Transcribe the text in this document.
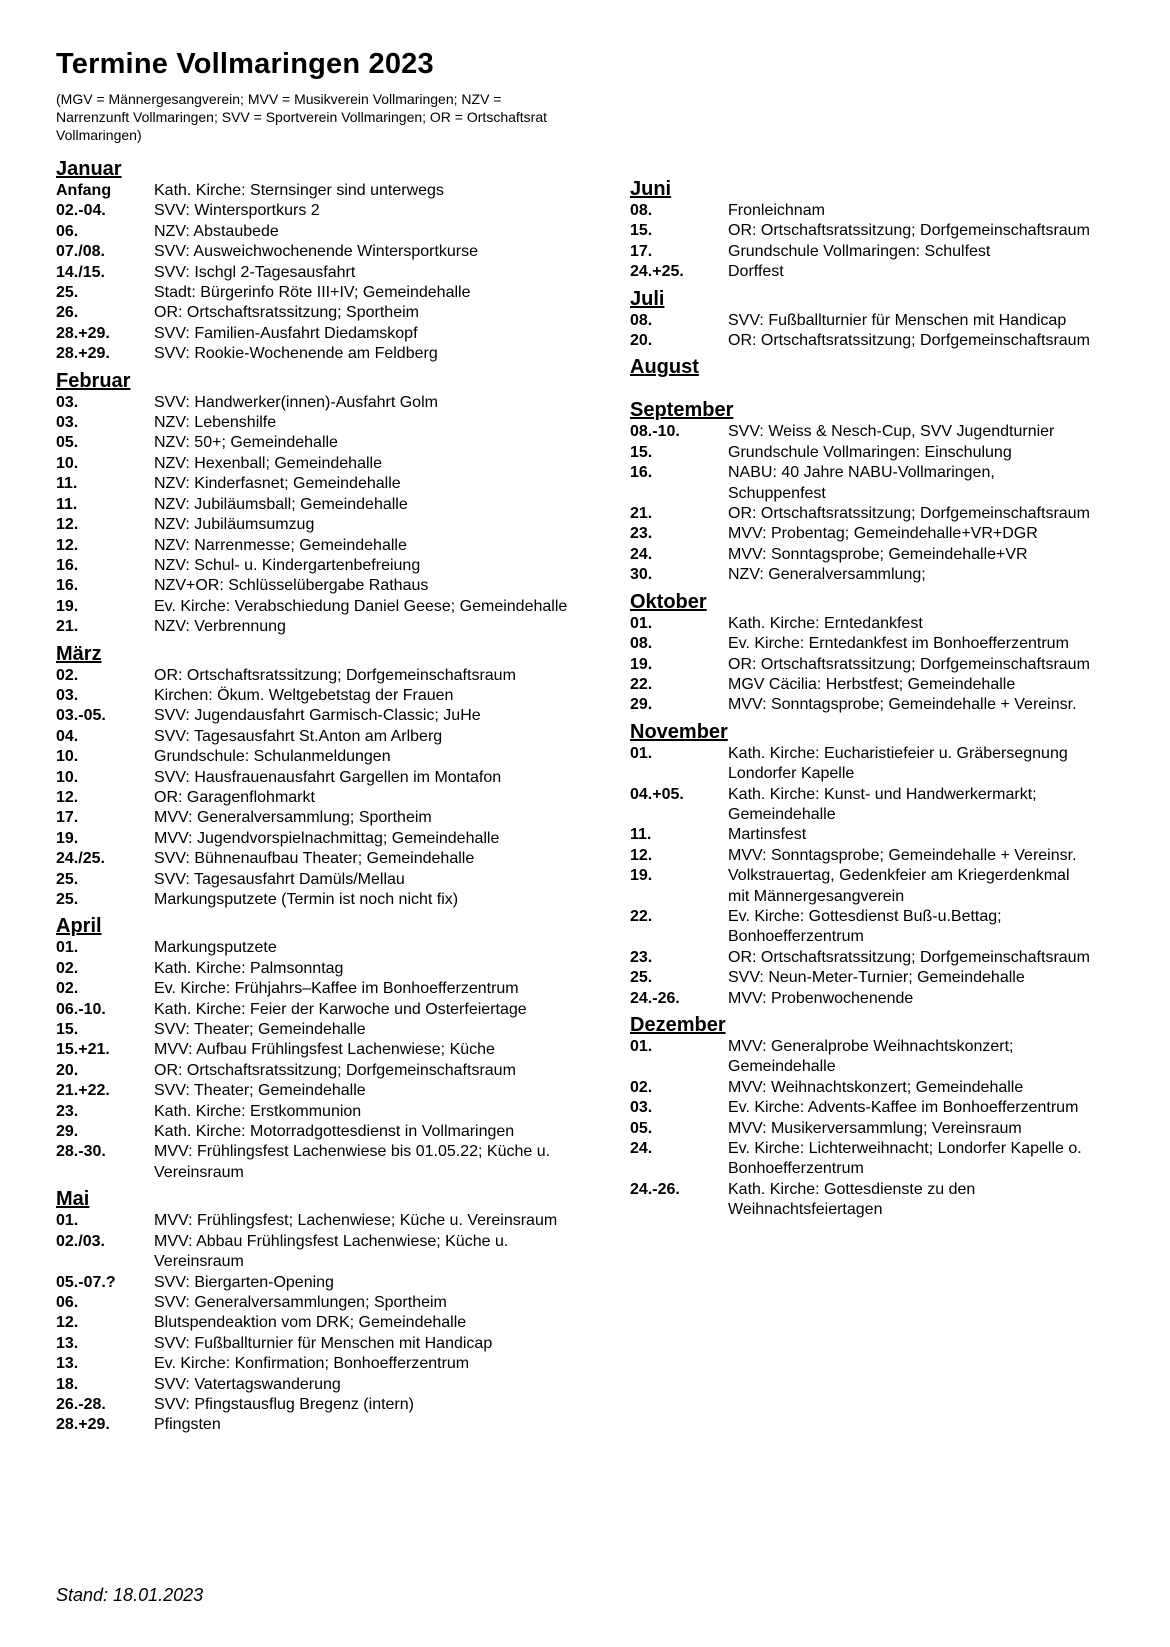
Termine Vollmaringen 2023
(MGV = Männergesangverein; MVV = Musikverein Vollmaringen; NZV = Narrenzunft Vollmaringen; SVV = Sportverein Vollmaringen; OR = Ortschaftsrat Vollmaringen)
Januar
Anfang	Kath. Kirche: Sternsinger sind unterwegs
02.-04.	SVV: Wintersportkurs 2
06.	NZV: Abstaubede
07./08.	SVV: Ausweichwochenende Wintersportkurse
14./15.	SVV: Ischgl 2-Tagesausfahrt
25.	Stadt: Bürgerinfo Röte III+IV; Gemeindehalle
26.	OR: Ortschaftsratssitzung; Sportheim
28.+29.	SVV: Familien-Ausfahrt Diedamskopf
28.+29.	SVV: Rookie-Wochenende am Feldberg
Februar
03.	SVV: Handwerker(innen)-Ausfahrt Golm
03.	NZV: Lebenshilfe
05.	NZV: 50+; Gemeindehalle
10.	NZV: Hexenball; Gemeindehalle
11.	NZV: Kinderfasnet; Gemeindehalle
11.	NZV: Jubiläumsball; Gemeindehalle
12.	NZV: Jubiläumsumzug
12.	NZV: Narrenmesse; Gemeindehalle
16.	NZV: Schul- u. Kindergartenbefreiung
16.	NZV+OR: Schlüsselübergabe Rathaus
19.	Ev. Kirche: Verabschiedung Daniel Geese; Gemeindehalle
21.	NZV: Verbrennung
März
02.	OR: Ortschaftsratssitzung; Dorfgemeinschaftsraum
03.	Kirchen: Ökum. Weltgebetstag der Frauen
03.-05.	SVV: Jugendausfahrt Garmisch-Classic; JuHe
04.	SVV: Tagesausfahrt St.Anton am Arlberg
10.	Grundschule: Schulanmeldungen
10.	SVV: Hausfrauenausfahrt Gargellen im Montafon
12.	OR: Garagenflohmarkt
17.	MVV: Generalversammlung; Sportheim
19.	MVV: Jugendvorspielnachmittag; Gemeindehalle
24./25.	SVV: Bühnenaufbau Theater; Gemeindehalle
25.	SVV: Tagesausfahrt Damüls/Mellau
25.	Markungsputzete (Termin ist noch nicht fix)
April
01.	Markungsputzete
02.	Kath. Kirche: Palmsonntag
02.	Ev. Kirche: Frühjahrs–Kaffee im Bonhoefferzentrum
06.-10.	Kath. Kirche: Feier der Karwoche und Osterfeiertage
15.	SVV: Theater; Gemeindehalle
15.+21.	MVV: Aufbau Frühlingsfest Lachenwiese; Küche
20.	OR: Ortschaftsratssitzung; Dorfgemeinschaftsraum
21.+22.	SVV: Theater; Gemeindehalle
23.	Kath. Kirche: Erstkommunion
29.	Kath. Kirche: Motorradgottesdienst in Vollmaringen
28.-30.	MVV: Frühlingsfest Lachenwiese bis 01.05.22; Küche u. Vereinsraum
Mai
01.	MVV: Frühlingsfest; Lachenwiese; Küche u. Vereinsraum
02./03.	MVV: Abbau Frühlingsfest Lachenwiese; Küche u. Vereinsraum
05.-07.?	SVV: Biergarten-Opening
06.	SVV: Generalversammlungen; Sportheim
12.	Blutspendeaktion vom DRK; Gemeindehalle
13.	SVV: Fußballturnier für Menschen mit Handicap
13.	Ev. Kirche: Konfirmation; Bonhoefferzentrum
18.	SVV: Vatertagswanderung
26.-28.	SVV: Pfingstausflug Bregenz (intern)
28.+29.	Pfingsten
Juni
08.	Fronleichnam
15.	OR: Ortschaftsratssitzung; Dorfgemeinschaftsraum
17.	Grundschule Vollmaringen: Schulfest
24.+25.	Dorffest
Juli
08.	SVV: Fußballturnier für Menschen mit Handicap
20.	OR: Ortschaftsratssitzung; Dorfgemeinschaftsraum
August
September
08.-10.	SVV: Weiss & Nesch-Cup, SVV Jugendturnier
15.	Grundschule Vollmaringen: Einschulung
16.	NABU: 40 Jahre NABU-Vollmaringen,
Schuppenfest
21.	OR: Ortschaftsratssitzung; Dorfgemeinschaftsraum
23.	MVV: Probentag; Gemeindehalle+VR+DGR
24.	MVV: Sonntagsprobe; Gemeindehalle+VR
30.	NZV: Generalversammlung;
Oktober
01.	Kath. Kirche: Erntedankfest
08.	Ev. Kirche: Erntedankfest im Bonhoefferzentrum
19.	OR: Ortschaftsratssitzung; Dorfgemeinschaftsraum
22.	MGV Cäcilia: Herbstfest; Gemeindehalle
29.	MVV: Sonntagsprobe; Gemeindehalle + Vereinsr.
November
01.	Kath. Kirche: Eucharistiefeier u. Gräbersegnung
Londorfer Kapelle
04.+05.	Kath. Kirche: Kunst- und Handwerkermarkt;
Gemeindehalle
11.	Martinsfest
12.	MVV: Sonntagsprobe; Gemeindehalle + Vereinsr.
19.	Volkstrauertag, Gedenkfeier am Kriegerdenkmal
mit Männergesangverein
22.	Ev. Kirche: Gottesdienst Buß-u.Bettag;
Bonhoefferzentrum
23.	OR: Ortschaftsratssitzung; Dorfgemeinschaftsraum
25.	SVV: Neun-Meter-Turnier; Gemeindehalle
24.-26.	MVV: Probenwochenende
Dezember
01.	MVV: Generalprobe Weihnachtskonzert;
Gemeindehalle
02.	MVV: Weihnachtskonzert; Gemeindehalle
03.	Ev. Kirche: Advents-Kaffee im Bonhoefferzentrum
05.	MVV: Musikerversammlung; Vereinsraum
24.	Ev. Kirche: Lichterweihnacht; Londorfer Kapelle o.
Bonhoefferzentrum
24.-26.	Kath. Kirche: Gottesdienste zu den
Weihnachtsfeiertagen
Stand: 18.01.2023
